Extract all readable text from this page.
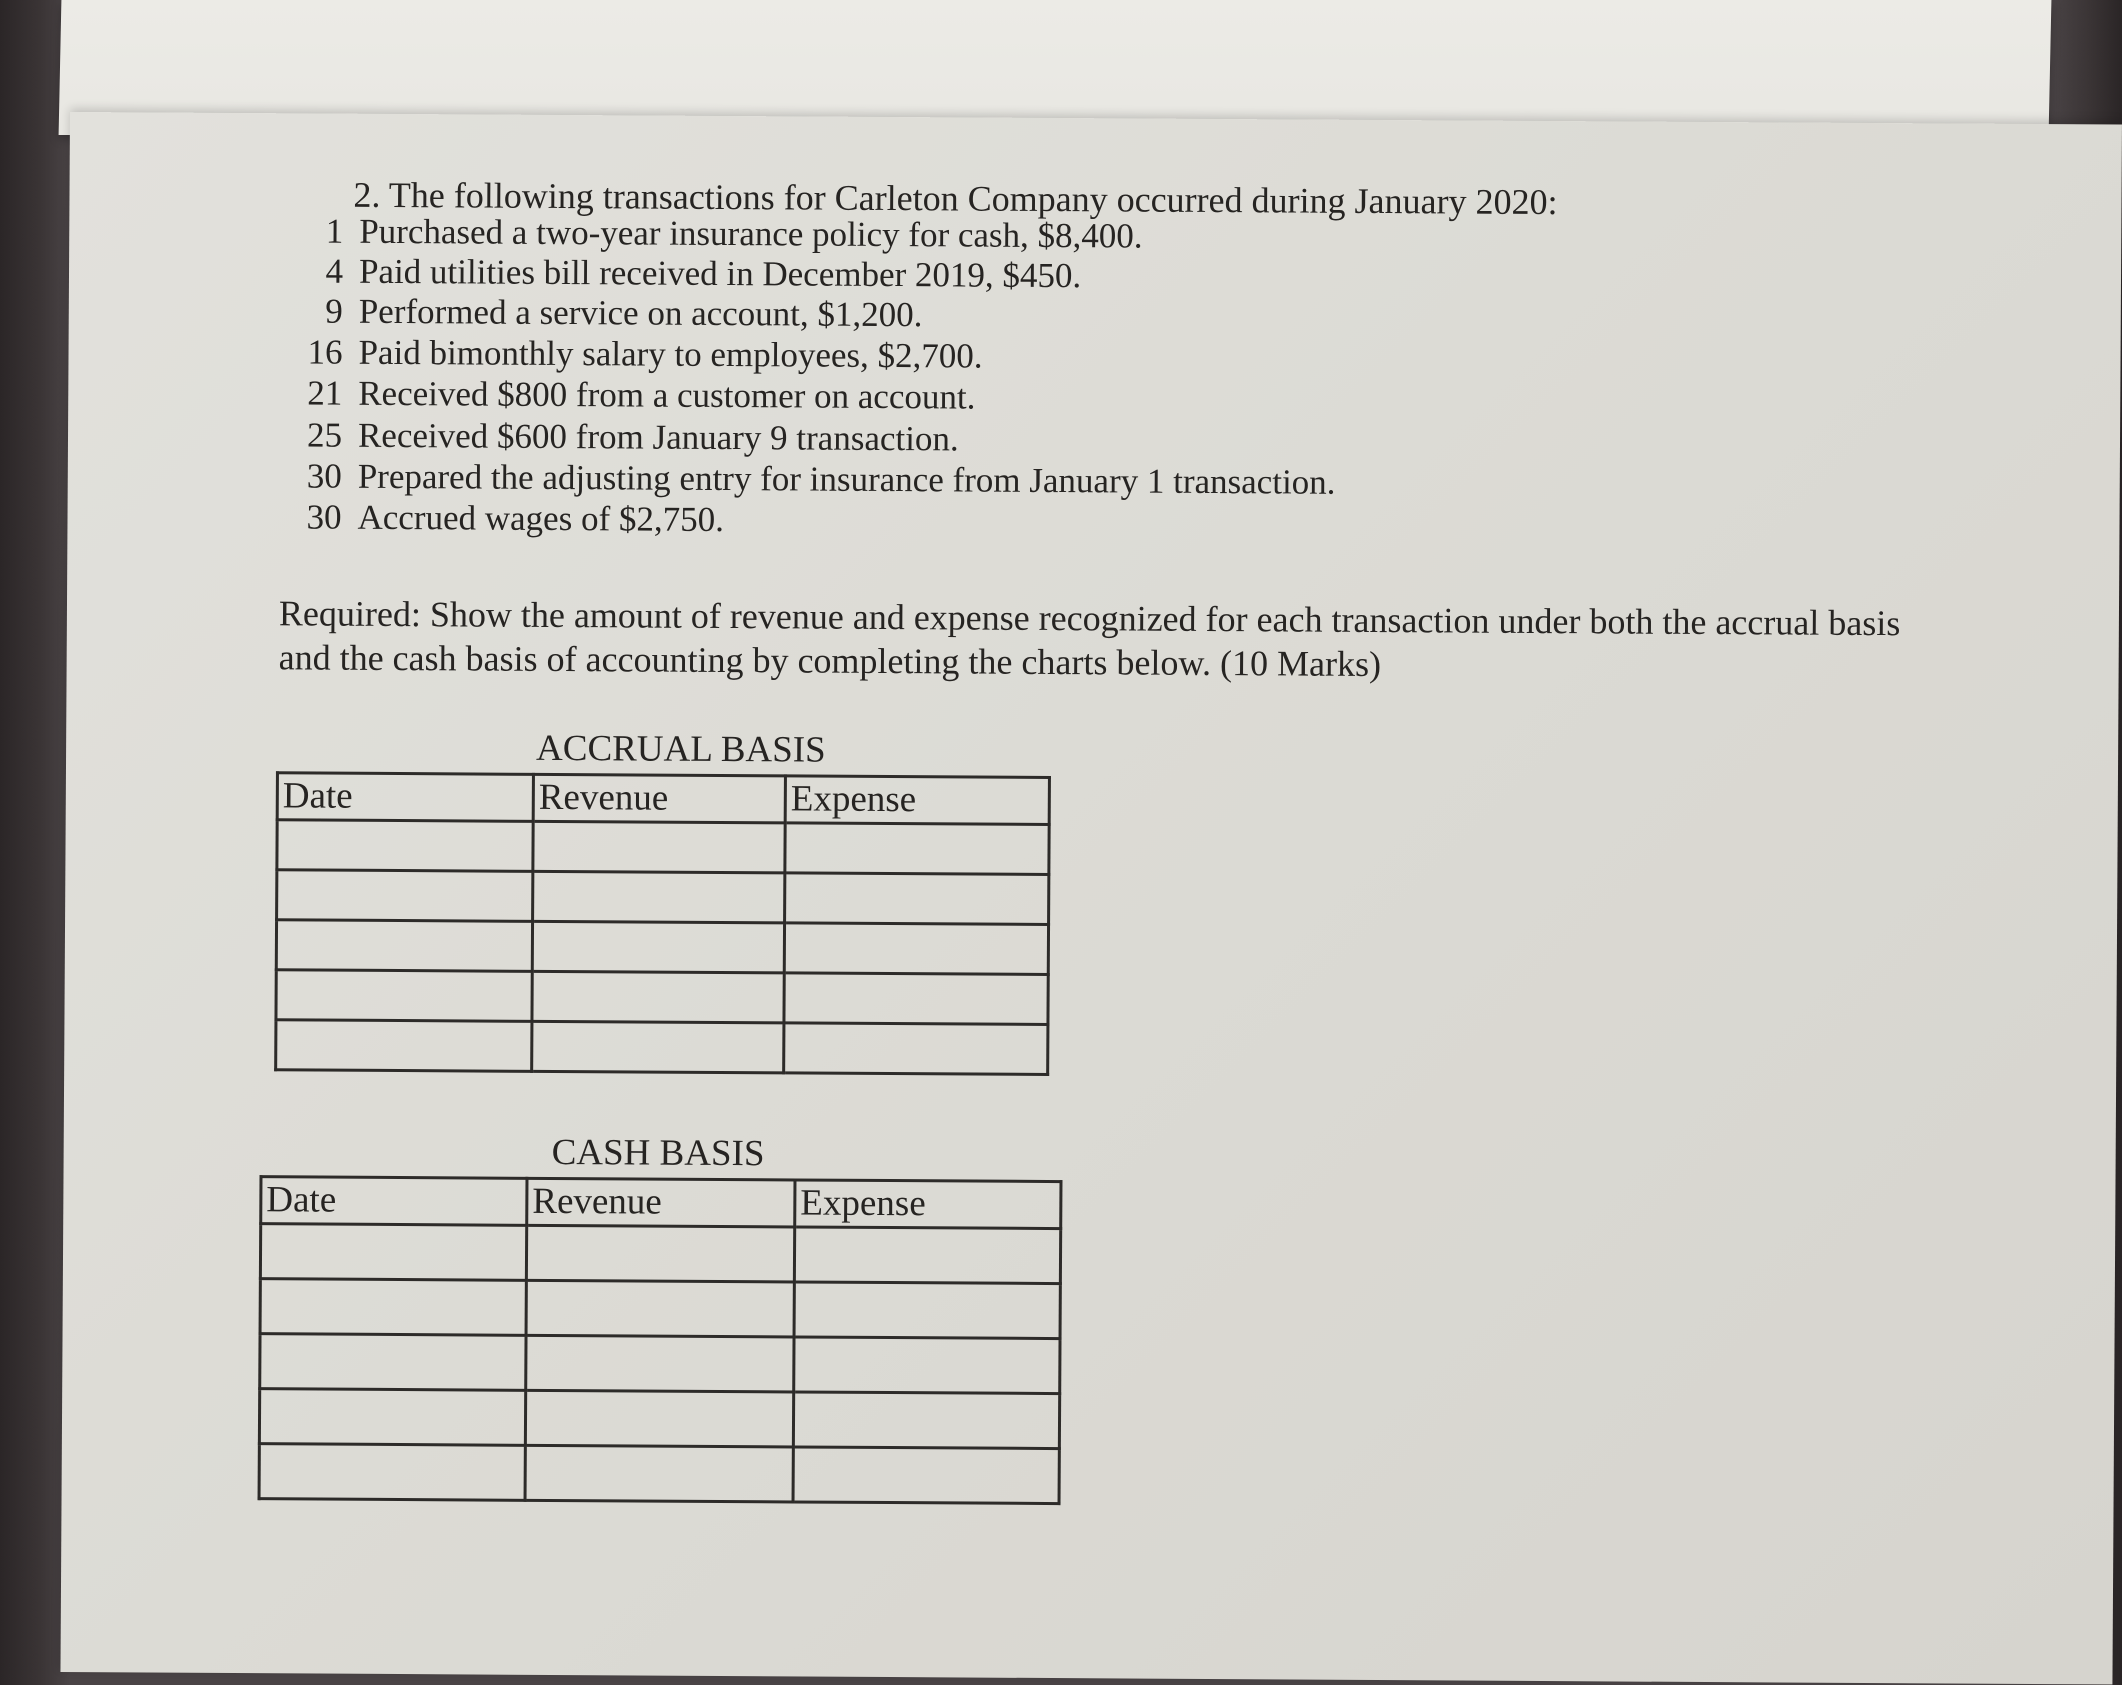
2. The following transactions for Carleton Company occurred during January 2020:
1 Purchased a two-year insurance policy for cash, $8,400.
4 Paid utilities bill received in December 2019, $450.
9 Performed a service on account, $1,200.
16 Paid bimonthly salary to employees, $2,700.
21 Received $800 from a customer on account.
25 Received $600 from January 9 transaction.
30 Prepared the adjusting entry for insurance from January 1 transaction.
30 Accrued wages of $2,750.
Required: Show the amount of revenue and expense recognized for each transaction under both the accrual basis and the cash basis of accounting by completing the charts below. (10 Marks)
ACCRUAL BASIS
Date	Revenue	Expense

CASH BASIS
Date	Revenue	Expense
